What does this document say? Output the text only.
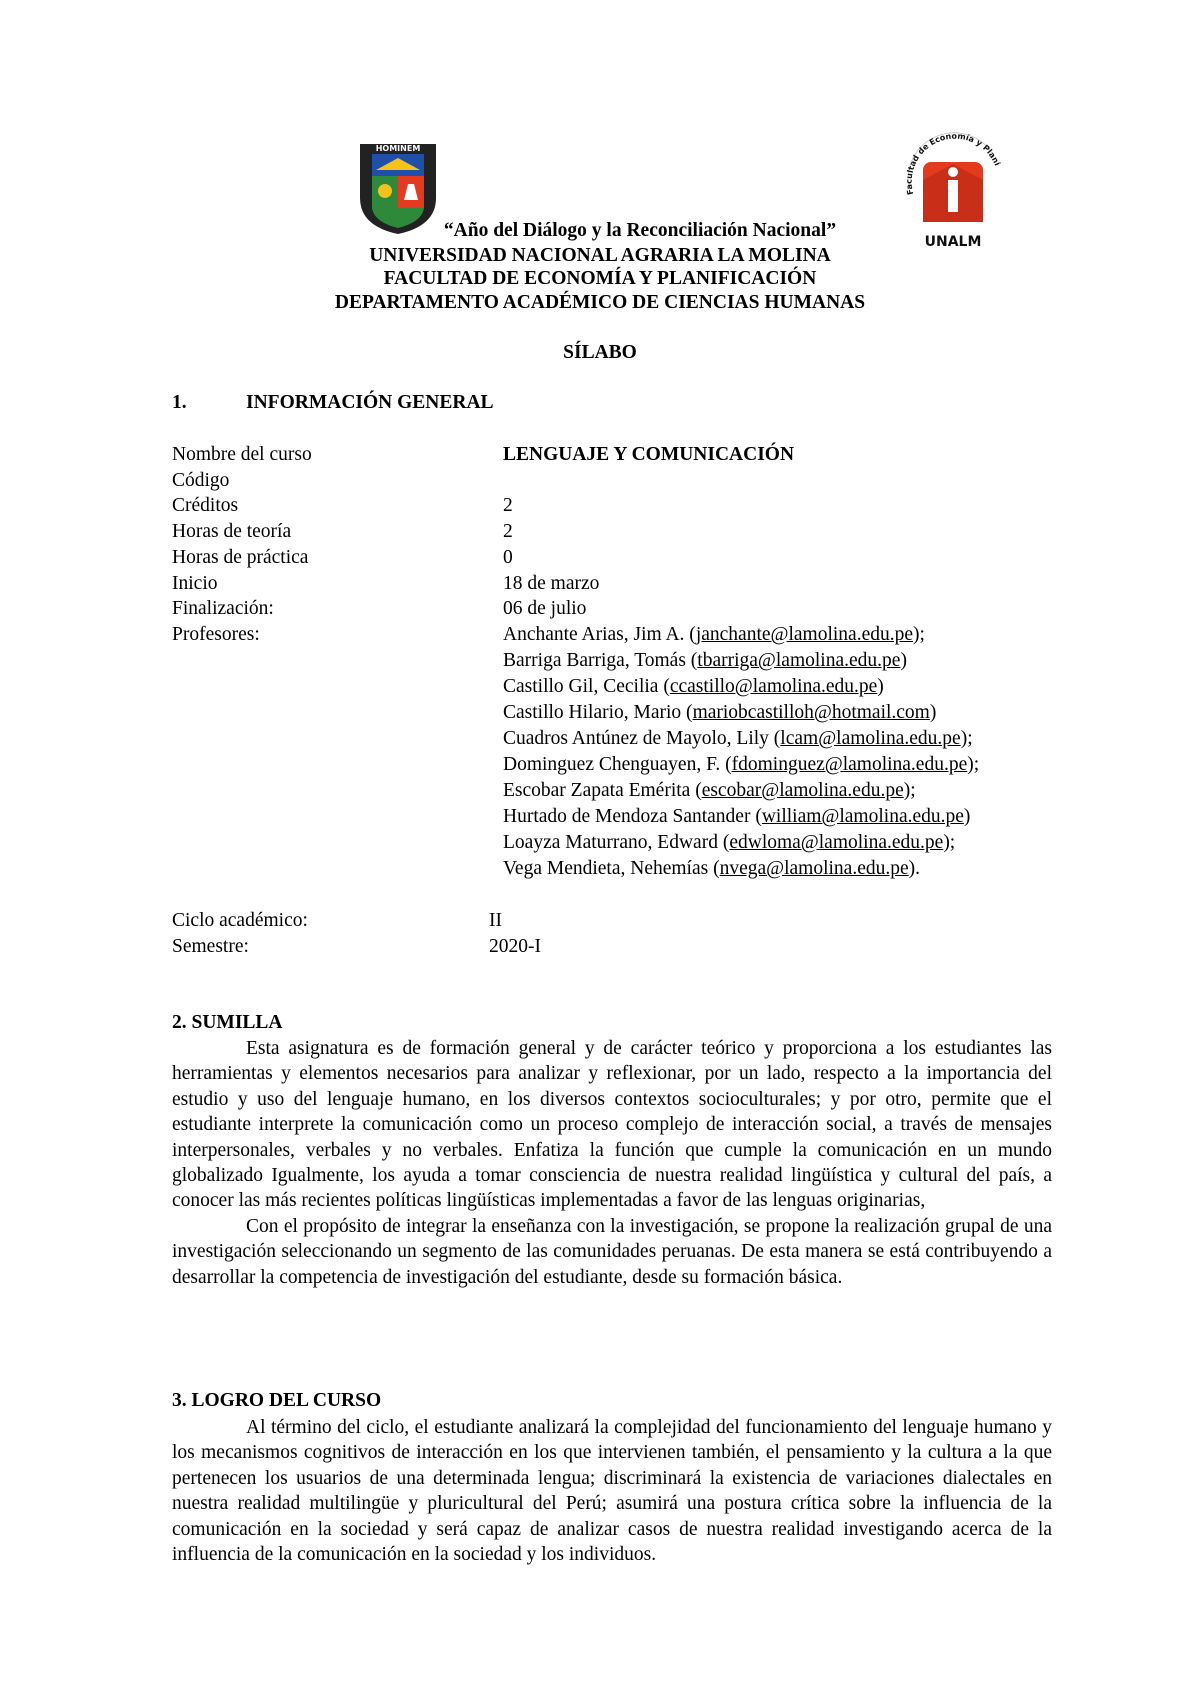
HOMINEM
Facultad de Economía y Plani
UNALM
“Año del Diálogo y la Reconciliación Nacional”
UNIVERSIDAD NACIONAL AGRARIA LA MOLINA
FACULTAD DE ECONOMÍA Y PLANIFICACIÓN
DEPARTAMENTO ACADÉMICO DE CIENCIAS HUMANAS
SÍLABO
1.	INFORMACIÓN GENERAL
Nombre del curso	LENGUAJE Y COMUNICACIÓN
Código
Créditos	2
Horas de teoría	2
Horas de práctica	0
Inicio	18 de marzo
Finalización:	06 de julio
Profesores:	Anchante Arias, Jim A. (janchante@lamolina.edu.pe);
Barriga Barriga, Tomás (tbarriga@lamolina.edu.pe)
Castillo Gil, Cecilia (ccastillo@lamolina.edu.pe)
Castillo Hilario, Mario (mariobcastilloh@hotmail.com)
Cuadros Antúnez de Mayolo, Lily (lcam@lamolina.edu.pe);
Dominguez Chenguayen, F. (fdominguez@lamolina.edu.pe);
Escobar Zapata Emérita (escobar@lamolina.edu.pe);
Hurtado de Mendoza Santander (william@lamolina.edu.pe)
Loayza Maturrano, Edward (edwloma@lamolina.edu.pe);
Vega Mendieta, Nehemías (nvega@lamolina.edu.pe).
Ciclo académico:	II
Semestre:	2020-I
2. SUMILLA

Esta asignatura es de formación general y de carácter teórico y proporciona a los estudiantes las herramientas y elementos necesarios para analizar y reflexionar, por un lado, respecto a la importancia del estudio y uso del lenguaje humano, en los diversos contextos socioculturales; y por otro, permite que el estudiante interprete la comunicación como un proceso complejo de interacción social, a través de mensajes interpersonales, verbales y no verbales. Enfatiza la función que cumple la comunicación en un mundo globalizado Igualmente, los ayuda a tomar consciencia de nuestra realidad lingüística y cultural del país, a conocer las más recientes políticas lingüísticas implementadas a favor de las lenguas originarias,

Con el propósito de integrar la enseñanza con la investigación, se propone la realización grupal de una investigación seleccionando un segmento de las comunidades peruanas. De esta manera se está contribuyendo a desarrollar la competencia de investigación del estudiante, desde su formación básica.

3. LOGRO DEL CURSO

Al término del ciclo, el estudiante analizará la complejidad del funcionamiento del lenguaje humano y los mecanismos cognitivos de interacción en los que intervienen también, el pensamiento y la cultura a la que pertenecen los usuarios de una determinada lengua; discriminará la existencia de variaciones dialectales en nuestra realidad multilingüe y pluricultural del Perú; asumirá una postura crítica sobre la influencia de la comunicación en la sociedad y será capaz de analizar casos de nuestra realidad investigando acerca de la influencia de la comunicación en la sociedad y los individuos.
